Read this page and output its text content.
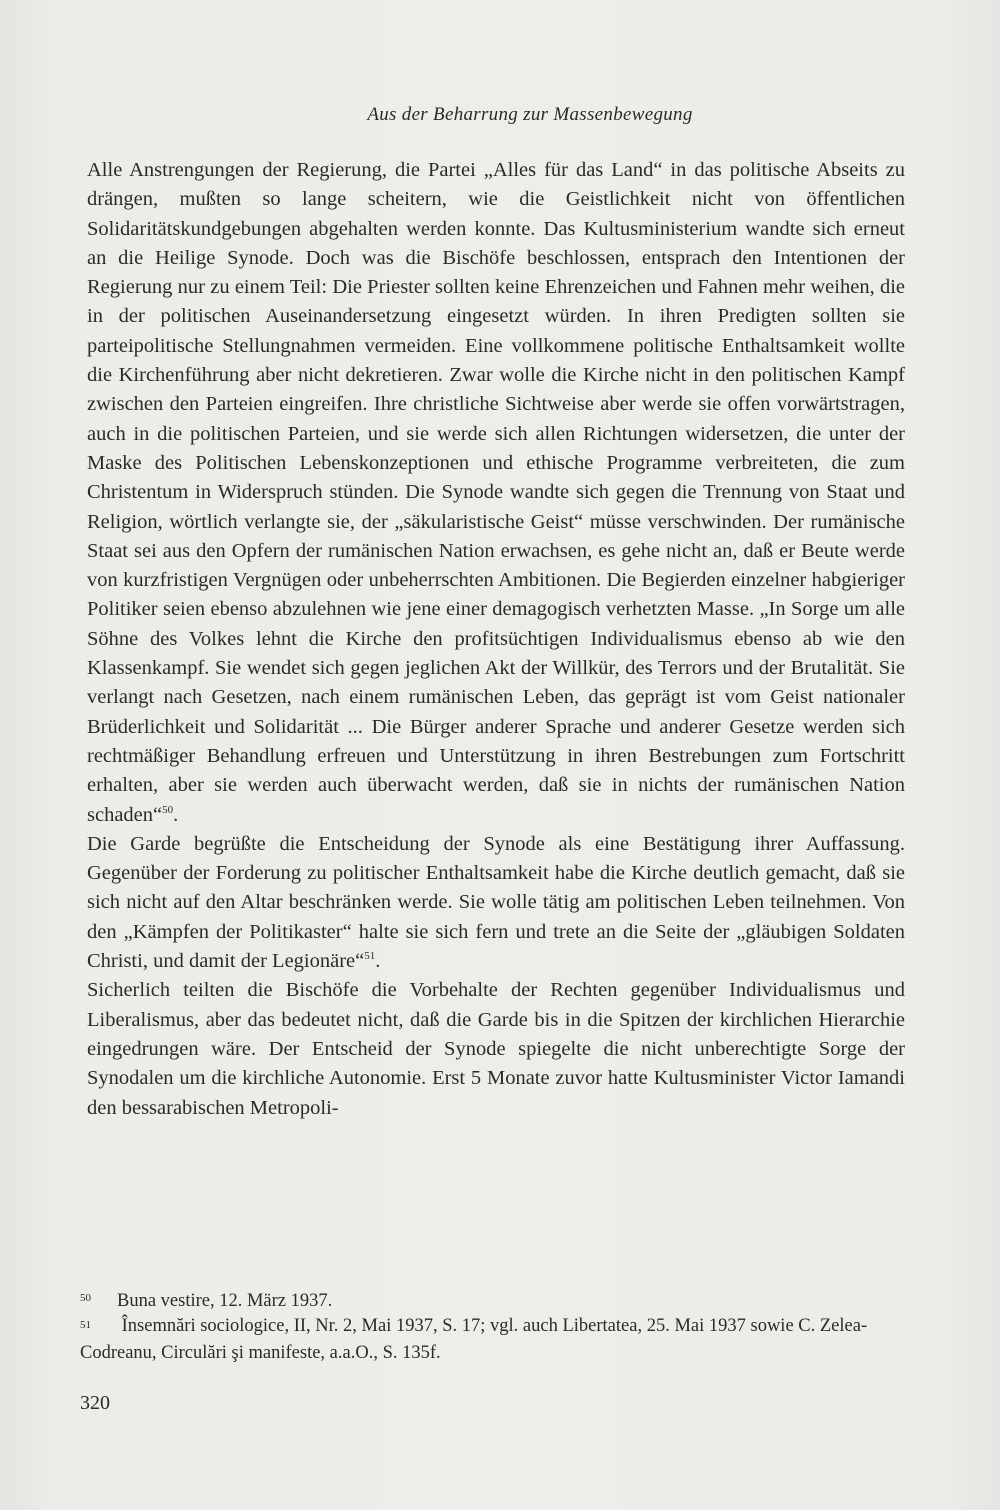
Aus der Beharrung zur Massenbewegung

Alle Anstrengungen der Regierung, die Partei „Alles für das Land“ in das politische Abseits zu drängen, mußten so lange scheitern, wie die Geistlichkeit nicht von öffentlichen Solidaritätskundgebungen abgehalten werden konnte. Das Kultusministerium wandte sich erneut an die Heilige Synode. Doch was die Bischöfe beschlossen, entsprach den Intentionen der Regierung nur zu einem Teil: Die Priester sollten keine Ehrenzeichen und Fahnen mehr weihen, die in der politischen Auseinandersetzung eingesetzt würden. In ihren Predigten sollten sie parteipolitische Stellungnahmen vermeiden. Eine vollkommene politische Enthaltsamkeit wollte die Kirchenführung aber nicht dekretieren. Zwar wolle die Kirche nicht in den politischen Kampf zwischen den Parteien eingreifen. Ihre christliche Sichtweise aber werde sie offen vorwärtstragen, auch in die politischen Parteien, und sie werde sich allen Richtungen widersetzen, die unter der Maske des Politischen Lebenskonzeptionen und ethische Programme verbreiteten, die zum Christentum in Widerspruch stünden. Die Synode wandte sich gegen die Trennung von Staat und Religion, wörtlich verlangte sie, der „säkularistische Geist“ müsse verschwinden. Der rumänische Staat sei aus den Opfern der rumänischen Nation erwachsen, es gehe nicht an, daß er Beute werde von kurzfristigen Vergnügen oder unbeherrschten Ambitionen. Die Begierden einzelner habgieriger Politiker seien ebenso abzulehnen wie jene einer demagogisch verhetzten Masse. „In Sorge um alle Söhne des Volkes lehnt die Kirche den profitsüchtigen Individualismus ebenso ab wie den Klassenkampf. Sie wendet sich gegen jeglichen Akt der Willkür, des Terrors und der Brutalität. Sie verlangt nach Gesetzen, nach einem rumänischen Leben, das geprägt ist vom Geist nationaler Brüderlichkeit und Solidarität ... Die Bürger anderer Sprache und anderer Gesetze werden sich rechtmäßiger Behandlung erfreuen und Unterstützung in ihren Bestrebungen zum Fortschritt erhalten, aber sie werden auch überwacht werden, daß sie in nichts der rumänischen Nation schaden“$^{50}$.

Die Garde begrüßte die Entscheidung der Synode als eine Bestätigung ihrer Auffassung. Gegenüber der Forderung zu politischer Enthaltsamkeit habe die Kirche deutlich gemacht, daß sie sich nicht auf den Altar beschränken werde. Sie wolle tätig am politischen Leben teilnehmen. Von den „Kämpfen der Politikaster“ halte sie sich fern und trete an die Seite der „gläubigen Soldaten Christi, und damit der Legionäre“$^{51}$.

Sicherlich teilten die Bischöfe die Vorbehalte der Rechten gegenüber Individualismus und Liberalismus, aber das bedeutet nicht, daß die Garde bis in die Spitzen der kirchlichen Hierarchie eingedrungen wäre. Der Entscheid der Synode spiegelte die nicht unberechtigte Sorge der Synodalen um die kirchliche Autonomie. Erst 5 Monate zuvor hatte Kultusminister Victor Iamandi den bessarabischen Metropoli-

50	Buna vestire, 12. März 1937.
51 Însemnări sociologice, II, Nr. 2, Mai 1937, S. 17; vgl. auch Libertatea, 25. Mai 1937 sowie C. Zelea-Codreanu, Circulări şi manifeste, a.a.O., S. 135f.
320
